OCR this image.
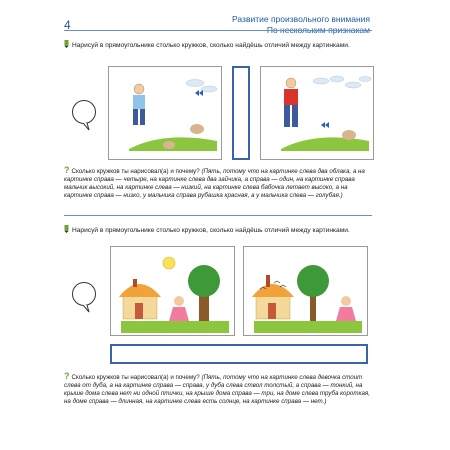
4	Развитие произвольного внимания
По нескольким признакам
Нарисуй в прямоугольнике столько кружков, сколько найдёшь отличий между картинками.
? Сколько кружков ты нарисовал(а) и почему? (Пять, потому что на картинке слева два облака, а на картинке справа — четыре, на картинке слева два зайчика, а справа — один, на картинке справа мальчик высокий, на картинке слева — низкий, на картинке слева бабочка летает высоко, а на картинке справа — низко, у мальчика справа рубашка красная, а у мальчика слева — голубая.)
Нарисуй в прямоугольнике столько кружков, сколько найдёшь отличий между картинками.
? Сколько кружков ты нарисовал(а) и почему? (Пять, потому что на картинке слева девочка стоит слева от дуба, а на картинке справа — справа, у дуба слева ствол толстый, а справа — тонкий, на крыше дома слева нет ни одной птички, на крыше дома справа — три, на доме слева труба короткая, на доме справа — длинная, на картинке слева есть солнце, на картинке справа — нет.)
